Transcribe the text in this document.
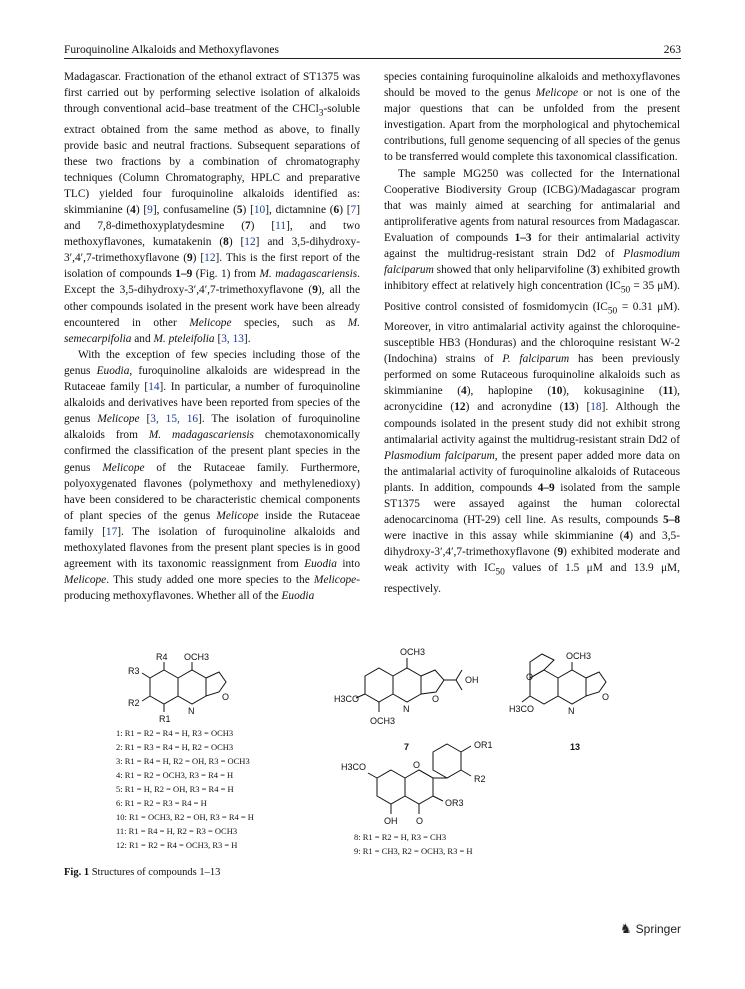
Furoquinoline Alkaloids and Methoxyflavones	263

Madagascar. Fractionation of the ethanol extract of ST1375 was first carried out by performing selective isolation of alkaloids through conventional acid–base treatment of the CHCl$_3$-soluble extract obtained from the same method as above, to finally provide basic and neutral fractions. Subsequent separations of these two fractions by a combination of chromatography techniques (Column Chromatography, HPLC and preparative TLC) yielded four furoquinoline alkaloids identified as: skimmianine (4) [9], confusameline (5) [10], dictamnine (6) [7] and 7,8-dimethoxyplatydesmine (7) [11], and two methoxyflavones, kumatakenin (8) [12] and 3,5-dihydroxy-3′,4′,7-trimethoxyflavone (9) [12]. This is the first report of the isolation of compounds 1–9 (Fig. 1) from M. madagascariensis. Except the 3,5-dihydroxy-3′,4′,7-trimethoxyflavone (9), all the other compounds isolated in the present work have been already encountered in other Melicope species, such as M. semecarpifolia and M. pteleifolia [3, 13].

With the exception of few species including those of the genus Euodia, furoquinoline alkaloids are widespread in the Rutaceae family [14]. In particular, a number of furoquinoline alkaloids and derivatives have been reported from species of the genus Melicope [3, 15, 16]. The isolation of furoquinoline alkaloids from M. madagascariensis chemotaxonomically confirmed the classification of the present plant species in the genus Melicope of the Rutaceae family. Furthermore, polyoxygenated flavones (polymethoxy and methylenedioxy) have been considered to be characteristic chemical components of plant species of the genus Melicope inside the Rutaceae family [17]. The isolation of furoquinoline alkaloids and methoxylated flavones from the present plant species is in good agreement with its taxonomic reassignment from Euodia into Melicope. This study added one more species to the Melicope-producing methoxyflavones. Whether all of the Euodia

species containing furoquinoline alkaloids and methoxyflavones should be moved to the genus Melicope or not is one of the major questions that can be unfolded from the present investigation. Apart from the morphological and phytochemical contributions, full genome sequencing of all species of the genus to be transferred would complete this taxonomical classification.

The sample MG250 was collected for the International Cooperative Biodiversity Group (ICBG)/Madagascar program that was mainly aimed at searching for antimalarial and antiproliferative agents from natural resources from Madagascar. Evaluation of compounds 1–3 for their antimalarial activity against the multidrug-resistant strain Dd2 of Plasmodium falciparum showed that only heliparvifoline (3) exhibited growth inhibitory effect at relatively high concentration ($IC_{50} = 35$ μM). Positive control consisted of fosmidomycin ($IC_{50} = 0.31$ μM). Moreover, in vitro antimalarial activity against the chloroquine-susceptible HB3 (Honduras) and the chloroquine resistant W-2 (Indochina) strains of P. falciparum has been previously performed on some Rutaceous furoquinoline alkaloids such as skimmianine (4), haplopine (10), kokusaginine (11), acronycidine (12) and acronydine (13) [18]. Although the compounds isolated in the present study did not exhibit strong antimalarial activity against the multidrug-resistant strain Dd2 of Plasmodium falciparum, the present paper added more data on the antimalarial activity of furoquinoline alkaloids of Rutaceous plants. In addition, compounds 4–9 isolated from the sample ST1375 were assayed against the human colorectal adenocarcinoma (HT-29) cell line. As results, compounds 5–8 were inactive in this assay while skimmianine (4) and 3,5-dihydroxy-3′,4′,7-trimethoxyflavone (9) exhibited moderate and weak activity with $IC_{50}$ values of 1.5 μM and 13.9 μM, respectively.

R4 OCH3
R3
R2
R1
N
O
1: R1 = R2 = R4 = H, R3 = OCH3
2: R1 = R3 = R4 = H, R2 = OCH3
3: R1 = R4 = H, R2 = OH, R3 = OCH3
4: R1 = R2 = OCH3, R3 = R4 = H
5: R1 = H, R2 = OH, R3 = R4 = H
6: R1 = R2 = R3 = R4 = H
10: R1 = OCH3, R2 = OH, R3 = R4 = H
11: R1 = R4 = H, R2 = R3 = OCH3
12: R1 = R2 = R4 = OCH3, R3 = H
OCH3
H3CO
N
O
OCH3
OH
7
O
OCH3
H3CO	N
O
13
H3CO	O
OR1
R2
OR3
OH O
8: R1 = R2 = H, R3 = CH3
9: R1 = CH3, R2 = OCH3, R3 = H
Fig. 1 Structures of compounds 1–13
♞ Springer
